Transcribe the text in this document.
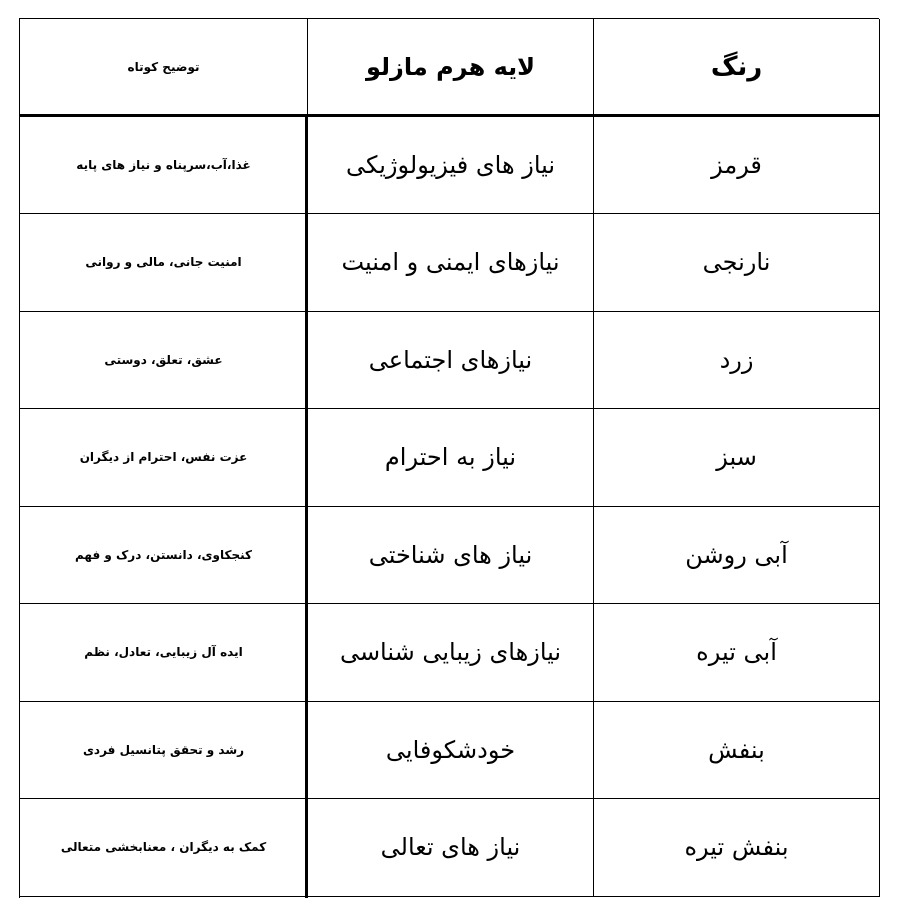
توضیح کوتاه	لایه هرم مازلو	رنگ
غذا،آب،سرپناه و نیاز های پایه	نیاز های فیزیولوژیکی	قرمز
امنیت جانی، مالی و روانی	نیازهای ایمنی و امنیت	نارنجی
عشق، تعلق، دوستی	نیازهای اجتماعی	زرد
عزت نفس، احترام از دیگران	نیاز به احترام	سبز
کنجکاوی، دانستن، درک و فهم	نیاز های شناختی	آبی روشن
ایده آل زیبایی، تعادل، نظم	نیازهای زیبایی شناسی	آبی تیره
رشد و تحقق پتانسیل فردی	خودشکوفایی	بنفش
کمک به دیگران ، معنابخشی متعالی	نیاز های تعالی	بنفش تیره
